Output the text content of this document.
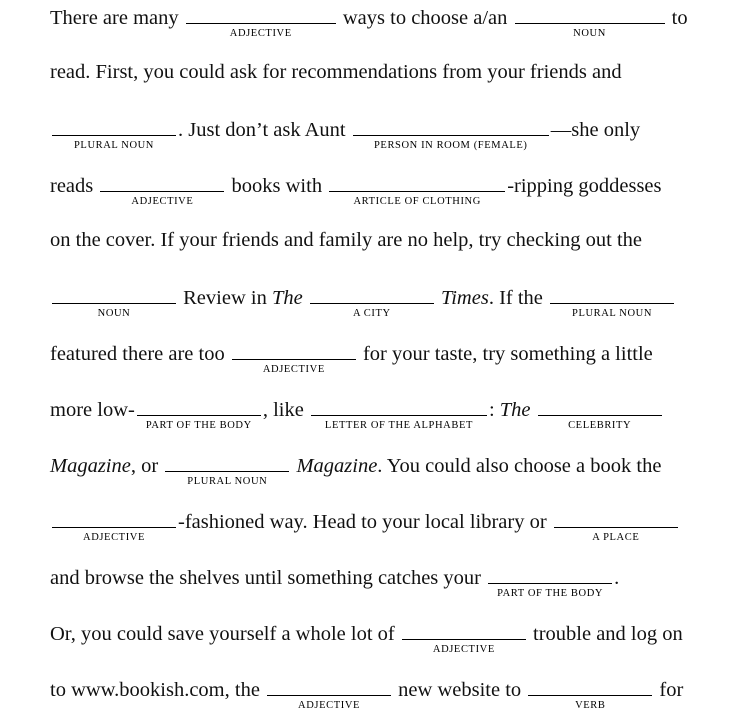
There are many
ADJECTIVE
ways to choose a/an
NOUN
to
read. First, you could ask for recommendations from your friends and
PLURAL NOUN
. Just don’t ask Aunt
PERSON IN ROOM (FEMALE)
—she only
reads
ADJECTIVE
books with
ARTICLE OF CLOTHING
-ripping goddesses
on the cover. If your friends and family are no help, try checking out the
NOUN
Review in The
A CITY
Times. If the
PLURAL NOUN
featured there are too
ADJECTIVE
for your taste, try something a little
more low-
PART OF THE BODY
, like
LETTER OF THE ALPHABET
: The
CELEBRITY
Magazine, or
PLURAL NOUN
Magazine. You could also choose a book the
ADJECTIVE
-fashioned way. Head to your local library or
A PLACE
and browse the shelves until something catches your
PART OF THE BODY
.
Or, you could save yourself a whole lot of
ADJECTIVE
trouble and log on
to www.bookish.com, the
ADJECTIVE
new website to
VERB
for
